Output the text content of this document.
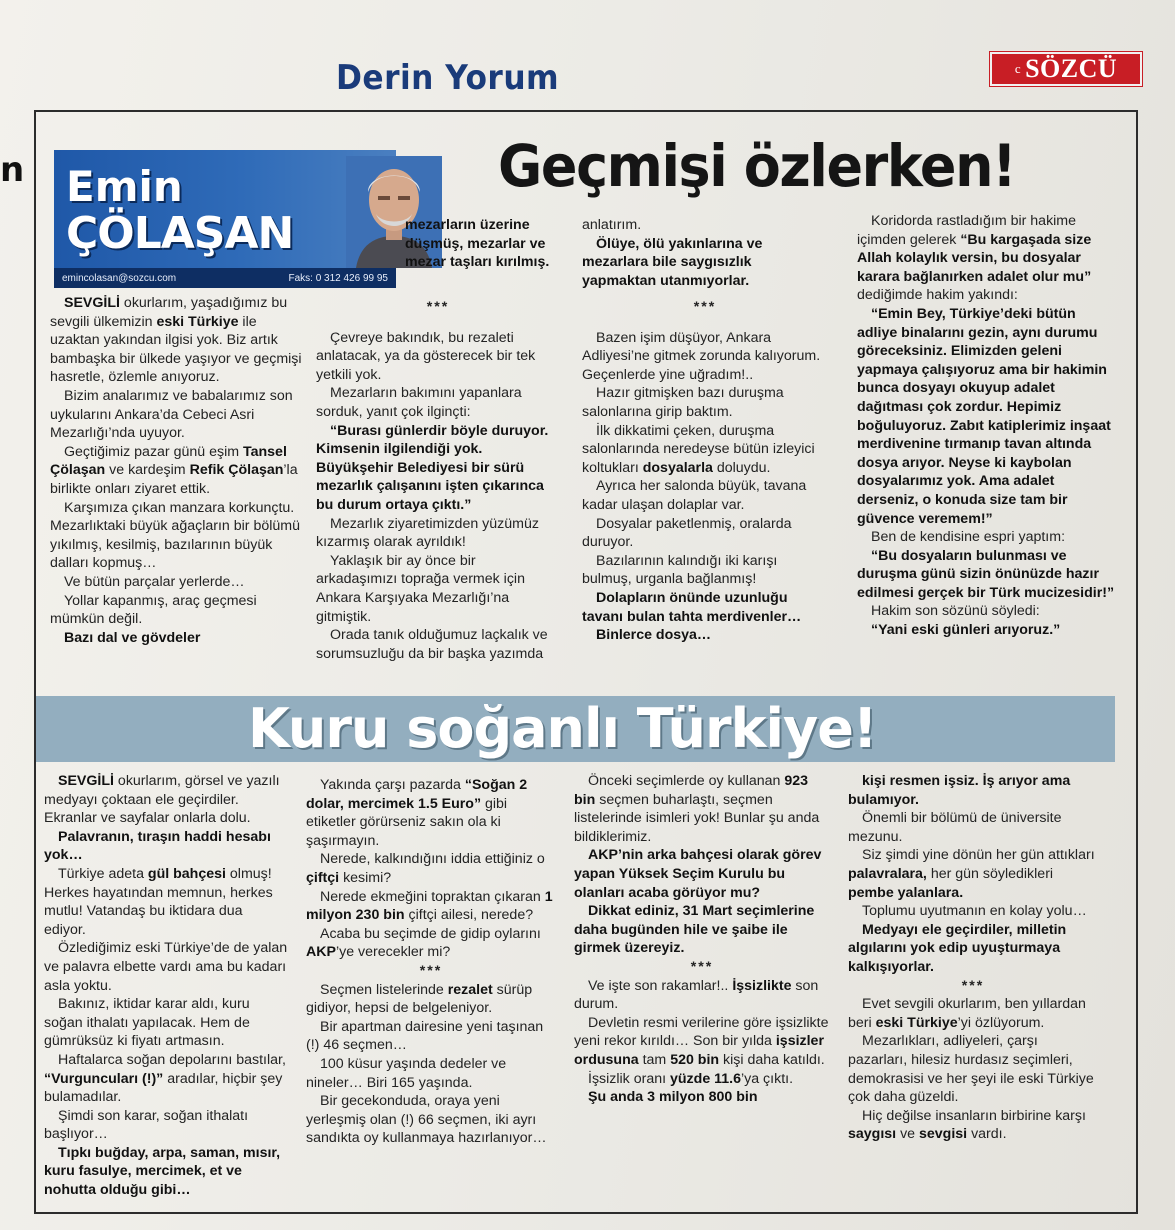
n
Derin Yorum	c SÖZCÜ
Emin
ÇÖLAŞAN
emincolasan@sozcu.com	Faks: 0 312 426 99 95
Geçmişi özlerken!

SEVGİLİ okurlarım, yaşadığımız bu sevgili ülkemizin eski Türkiye ile uzaktan yakından ilgisi yok. Biz artık bambaşka bir ülkede yaşıyor ve geçmişi hasretle, özlemle anıyoruz.

Bizim analarımız ve babalarımız son uykularını Ankara’da Cebeci Asri Mezarlığı’nda uyuyor.

Geçtiğimiz pazar günü eşim Tansel Çölaşan ve kardeşim Refik Çölaşan’la birlikte onları ziyaret ettik.

Karşımıza çıkan manzara korkunçtu. Mezarlıktaki büyük ağaçların bir bölümü yıkılmış, kesilmiş, bazılarının büyük dalları kopmuş…

Ve bütün parçalar yerlerde…

Yollar kapanmış, araç geçmesi mümkün değil.

Bazı dal ve gövdeler

mezarların üzerine düşmüş, mezarlar ve mezar taşları kırılmış.

***

Çevreye bakındık, bu rezaleti anlatacak, ya da gösterecek bir tek yetkili yok.

Mezarların bakımını yapanlara sorduk, yanıt çok ilginçti:

“Burası günlerdir böyle duruyor. Kimsenin ilgilendiği yok. Büyükşehir Belediyesi bir sürü mezarlık çalışanını işten çıkarınca bu durum ortaya çıktı.”

Mezarlık ziyaretimizden yüzümüz kızarmış olarak ayrıldık!

Yaklaşık bir ay önce bir arkadaşımızı toprağa vermek için Ankara Karşıyaka Mezarlığı’na gitmiştik.

Orada tanık olduğumuz laçkalık ve sorumsuzluğu da bir başka yazımda

anlatırım.

Ölüye, ölü yakınlarına ve mezarlara bile saygısızlık yapmaktan utanmıyorlar.

***

Bazen işim düşüyor, Ankara Adliyesi’ne gitmek zorunda kalıyorum. Geçenlerde yine uğradım!..

Hazır gitmişken bazı duruşma salonlarına girip baktım.

İlk dikkatimi çeken, duruşma salonlarında neredeyse bütün izleyici koltukları dosyalarla doluydu.

Ayrıca her salonda büyük, tavana kadar ulaşan dolaplar var.

Dosyalar paketlenmiş, oralarda duruyor.

Bazılarının kalındığı iki karışı bulmuş, urganla bağlanmış!

Dolapların önünde uzunluğu tavanı bulan tahta merdivenler…

Binlerce dosya…

Koridorda rastladığım bir hakime içimden gelerek “Bu kargaşada size Allah kolaylık versin, bu dosyalar karara bağlanırken adalet olur mu” dediğimde hakim yakındı:

“Emin Bey, Türkiye’deki bütün adliye binalarını gezin, aynı durumu göreceksiniz. Elimizden geleni yapmaya çalışıyoruz ama bir hakimin bunca dosyayı okuyup adalet dağıtması çok zordur. Hepimiz boğuluyoruz. Zabıt katiplerimiz inşaat merdivenine tırmanıp tavan altında dosya arıyor. Neyse ki kaybolan dosyalarımız yok. Ama adalet derseniz, o konuda size tam bir güvence veremem!”

Ben de kendisine espri yaptım:

“Bu dosyaların bulunması ve duruşma günü sizin önünüzde hazır edilmesi gerçek bir Türk mucizesidir!”

Hakim son sözünü söyledi:

“Yani eski günleri arıyoruz.”

Kuru soğanlı Türkiye!

SEVGİLİ okurlarım, görsel ve yazılı medyayı çoktaan ele geçirdiler. Ekranlar ve sayfalar onlarla dolu.

Palavranın, tıraşın haddi hesabı yok…

Türkiye adeta gül bahçesi olmuş! Herkes hayatından memnun, herkes mutlu! Vatandaş bu iktidara dua ediyor.

Özlediğimiz eski Türkiye’de de yalan ve palavra elbette vardı ama bu kadarı asla yoktu.

Bakınız, iktidar karar aldı, kuru soğan ithalatı yapılacak. Hem de gümrüksüz ki fiyatı artmasın.

Haftalarca soğan depolarını bastılar, “Vurguncuları (!)” aradılar, hiçbir şey bulamadılar.

Şimdi son karar, soğan ithalatı başlıyor…

Tıpkı buğday, arpa, saman, mısır, kuru fasulye, mercimek, et ve nohutta olduğu gibi…

Yakında çarşı pazarda “Soğan 2 dolar, mercimek 1.5 Euro” gibi etiketler görürseniz sakın ola ki şaşırmayın.

Nerede, kalkındığını iddia ettiğiniz o çiftçi kesimi?

Nerede ekmeğini topraktan çıkaran 1 milyon 230 bin çiftçi ailesi, nerede?

Acaba bu seçimde de gidip oylarını AKP’ye verecekler mi?

***

Seçmen listelerinde rezalet sürüp gidiyor, hepsi de belgeleniyor.

Bir apartman dairesine yeni taşınan (!) 46 seçmen…

100 küsur yaşında dedeler ve nineler… Biri 165 yaşında.

Bir gecekonduda, oraya yeni yerleşmiş olan (!) 66 seçmen, iki ayrı sandıkta oy kullanmaya hazırlanıyor…

Önceki seçimlerde oy kullanan 923 bin seçmen buharlaştı, seçmen listelerinde isimleri yok! Bunlar şu anda bildiklerimiz.

AKP’nin arka bahçesi olarak görev yapan Yüksek Seçim Kurulu bu olanları acaba görüyor mu?

Dikkat ediniz, 31 Mart seçimlerine daha bugünden hile ve şaibe ile girmek üzereyiz.

***

Ve işte son rakamlar!.. İşsizlikte son durum.

Devletin resmi verilerine göre işsizlikte yeni rekor kırıldı… Son bir yılda işsizler ordusuna tam 520 bin kişi daha katıldı.

İşsizlik oranı yüzde 11.6’ya çıktı.

Şu anda 3 milyon 800 bin

kişi resmen işsiz. İş arıyor ama bulamıyor.

Önemli bir bölümü de üniversite mezunu.

Siz şimdi yine dönün her gün attıkları palavralara, her gün söyledikleri pembe yalanlara.

Toplumu uyutmanın en kolay yolu…

Medyayı ele geçirdiler, milletin algılarını yok edip uyuşturmaya kalkışıyorlar.

***

Evet sevgili okurlarım, ben yıllardan beri eski Türkiye’yi özlüyorum.

Mezarlıkları, adliyeleri, çarşı pazarları, hilesiz hurdasız seçimleri, demokrasisi ve her şeyi ile eski Türkiye çok daha güzeldi.

Hiç değilse insanların birbirine karşı saygısı ve sevgisi vardı.
